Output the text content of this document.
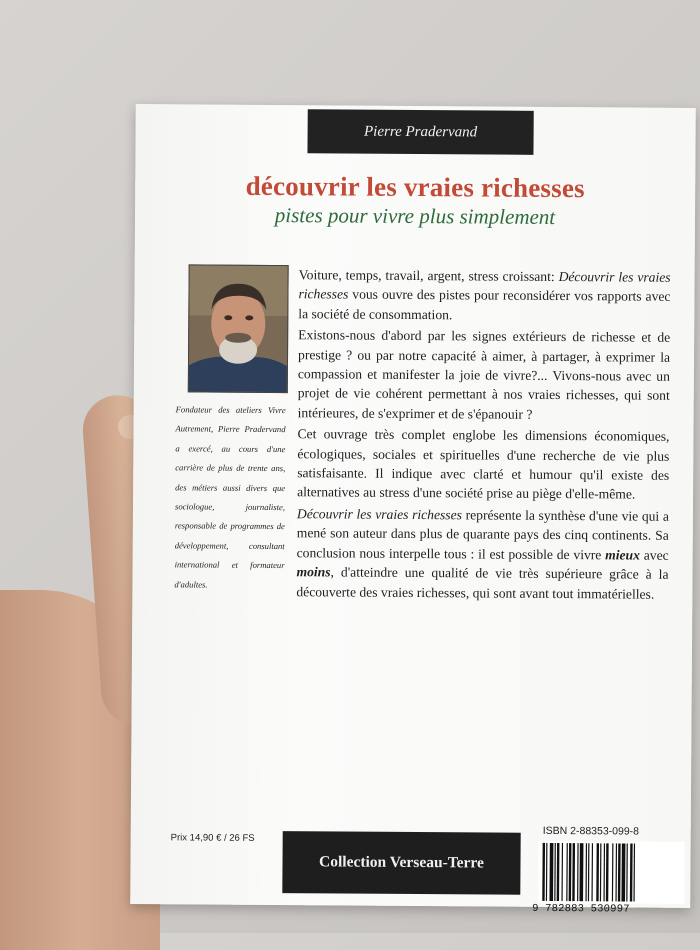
Pierre Pradervand
découvrir les vraies richesses
pistes pour vivre plus simplement

Fondateur des ateliers Vivre Autrement, Pierre Pradervand a exercé, au cours d'une carrière de plus de trente ans, des métiers aussi divers que sociologue, journaliste, responsable de programmes de développement, consultant international et formateur d'adultes.

Voiture, temps, travail, argent, stress croissant: Découvrir les vraies richesses vous ouvre des pistes pour reconsidérer vos rapports avec la société de consommation.

Existons-nous d'abord par les signes extérieurs de richesse et de prestige ? ou par notre capacité à aimer, à partager, à exprimer la compassion et manifester la joie de vivre?... Vivons-nous avec un projet de vie cohérent permettant à nos vraies richesses, qui sont intérieures, de s'exprimer et de s'épanouir ?

Cet ouvrage très complet englobe les dimensions économiques, écologiques, sociales et spirituelles d'une recherche de vie plus satisfaisante. Il indique avec clarté et humour qu'il existe des alternatives au stress d'une société prise au piège d'elle-même.

Découvrir les vraies richesses représente la synthèse d'une vie qui a mené son auteur dans plus de quarante pays des cinq continents. Sa conclusion nous interpelle tous : il est possible de vivre mieux avec moins, d'atteindre une qualité de vie très supérieure grâce à la découverte des vraies richesses, qui sont avant tout immatérielles.

Prix 14,90 € / 26 FS
ISBN 2-88353-099-8
Collection Verseau-Terre
9 782883 530997
